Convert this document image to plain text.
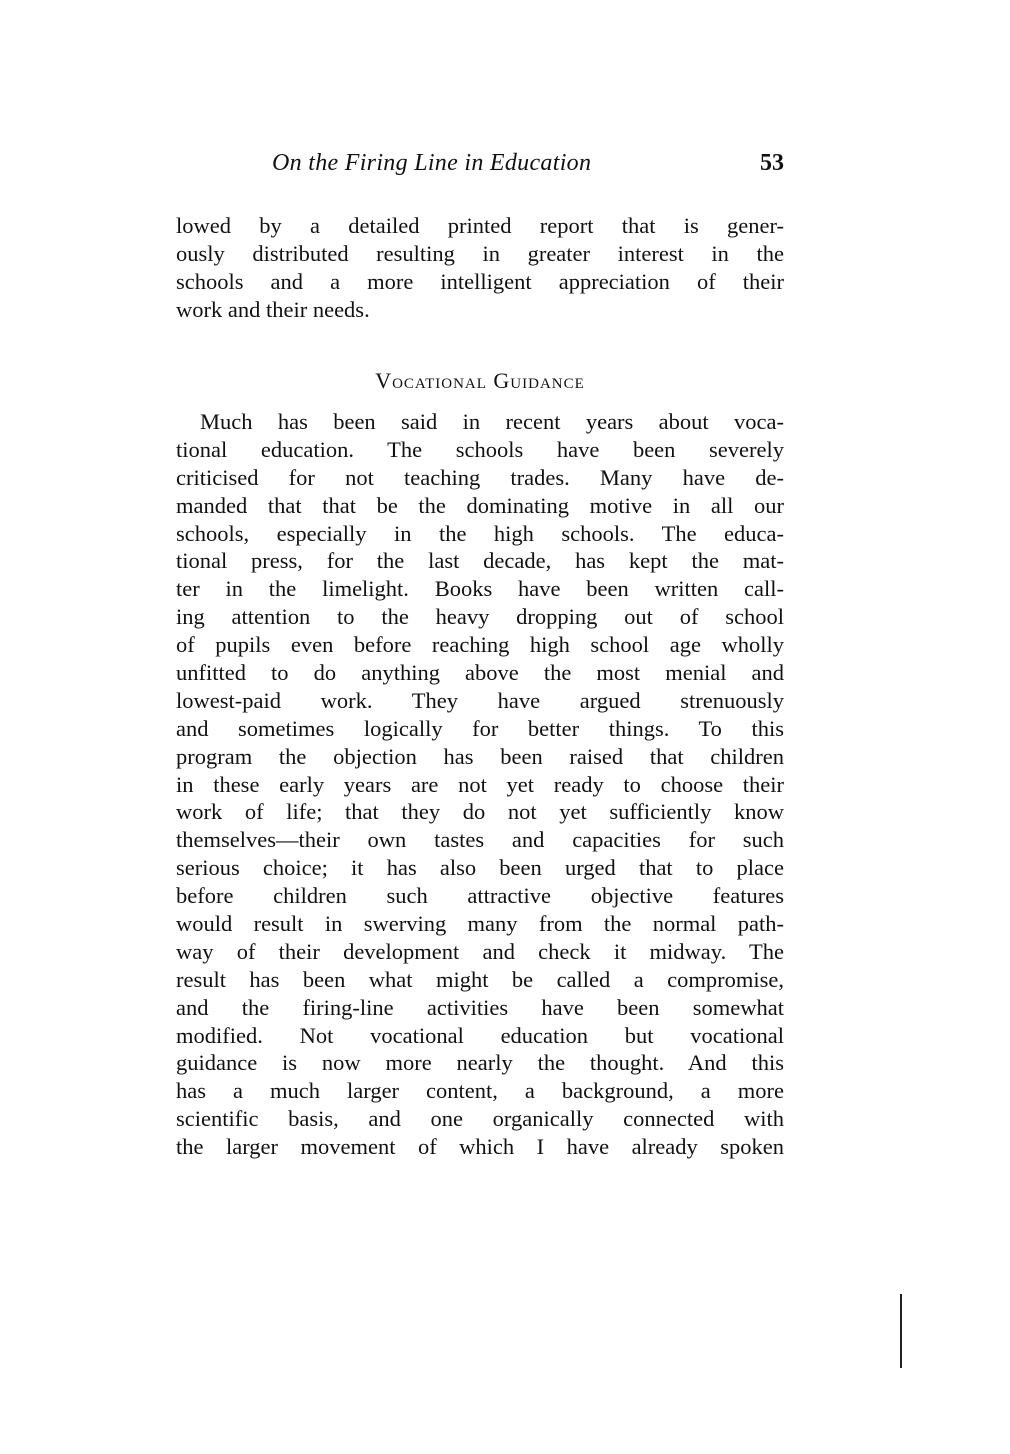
On the Firing Line in Education	53
lowed by a detailed printed report that is gener-
ously distributed resulting in greater interest in the
schools and a more intelligent appreciation of their
work and their needs.
Vocational Guidance
Much has been said in recent years about voca-
tional education. The schools have been severely
criticised for not teaching trades. Many have de-
manded that that be the dominating motive in all our
schools, especially in the high schools. The educa-
tional press, for the last decade, has kept the mat-
ter in the limelight. Books have been written call-
ing attention to the heavy dropping out of school
of pupils even before reaching high school age wholly
unfitted to do anything above the most menial and
lowest-paid work. They have argued strenuously
and sometimes logically for better things. To this
program the objection has been raised that children
in these early years are not yet ready to choose their
work of life; that they do not yet sufficiently know
themselves—their own tastes and capacities for such
serious choice; it has also been urged that to place
before children such attractive objective features
would result in swerving many from the normal path-
way of their development and check it midway. The
result has been what might be called a compromise,
and the firing-line activities have been somewhat
modified. Not vocational education but vocational
guidance is now more nearly the thought. And this
has a much larger content, a background, a more
scientific basis, and one organically connected with
the larger movement of which I have already spoken
